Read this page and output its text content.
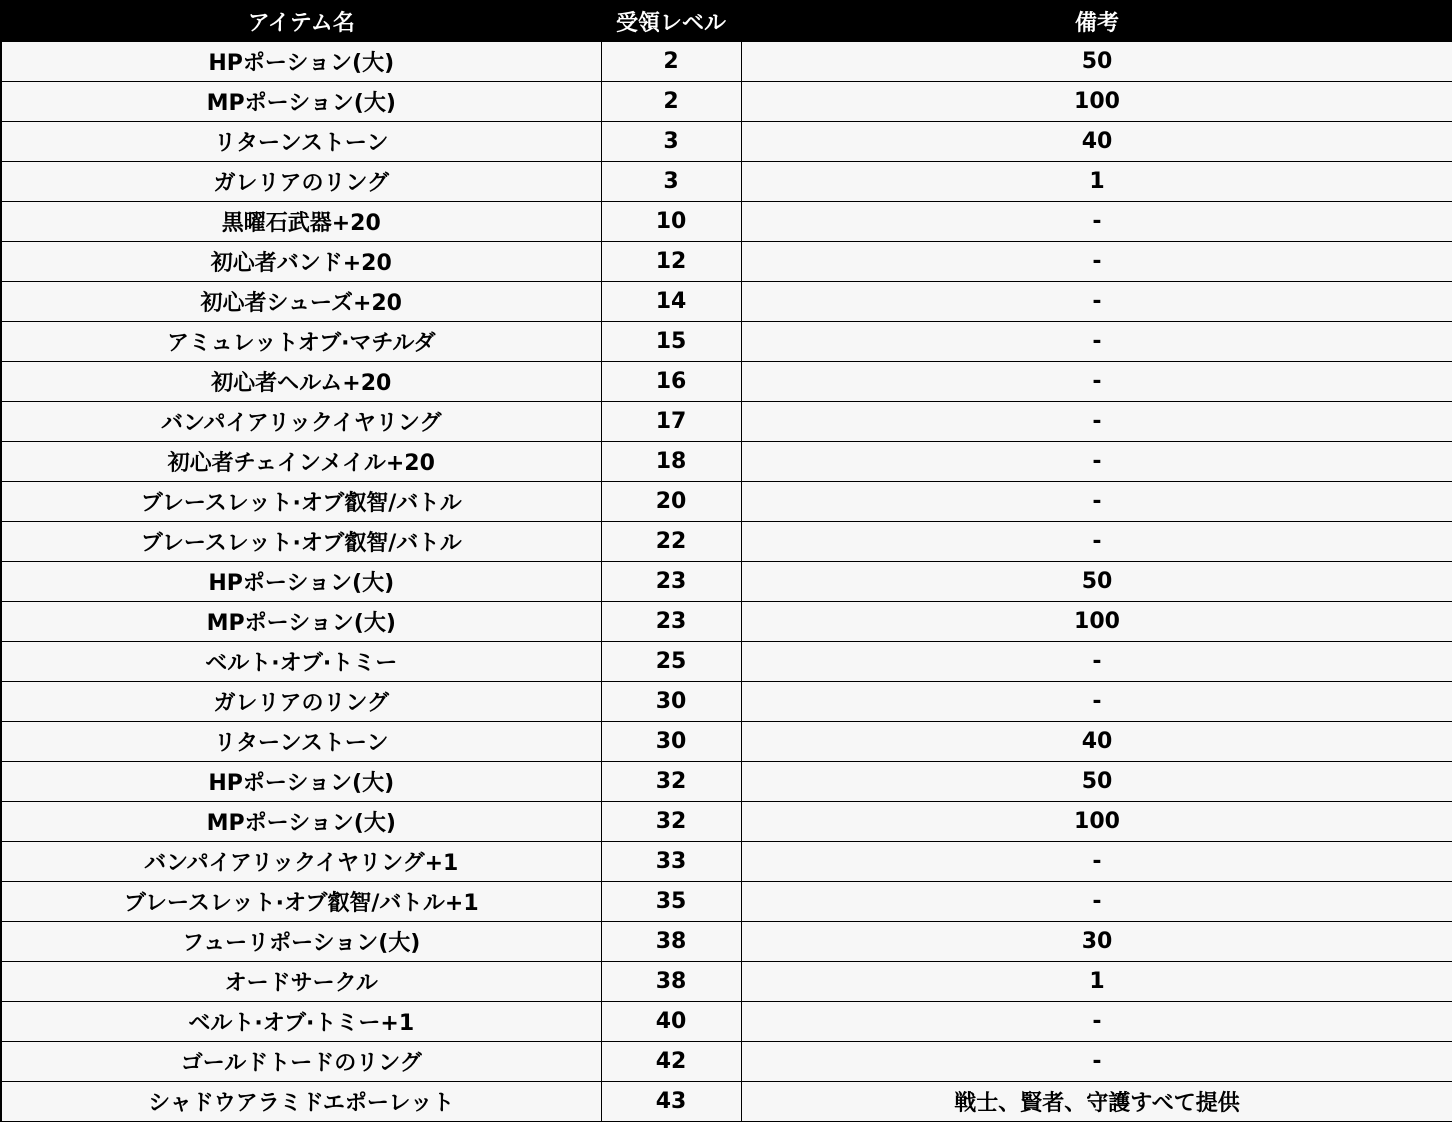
アイテム名	受領レベル	備考
HPポーション(大)	2	50
MPポーション(大)	2	100
リターンストーン	3	40
ガレリアのリング	3	1
黒曜石武器+20	10	-
初心者バンド+20	12	-
初心者シューズ+20	14	-
アミュレットオブ·マチルダ	15	-
初心者ヘルム+20	16	-
バンパイアリックイヤリング	17	-
初心者チェインメイル+20	18	-
ブレースレット·オブ叡智/バトル	20	-
ブレースレット·オブ叡智/バトル	22	-
HPポーション(大)	23	50
MPポーション(大)	23	100
ベルト·オブ·トミー	25	-
ガレリアのリング	30	-
リターンストーン	30	40
HPポーション(大)	32	50
MPポーション(大)	32	100
バンパイアリックイヤリング+1	33	-
ブレースレット·オブ叡智/バトル+1	35	-
フューリポーション(大)	38	30
オードサークル	38	1
ベルト·オブ·トミー+1	40	-
ゴールドトードのリング	42	-
シャドウアラミドエポーレット	43	戦士、賢者、守護すべて提供
